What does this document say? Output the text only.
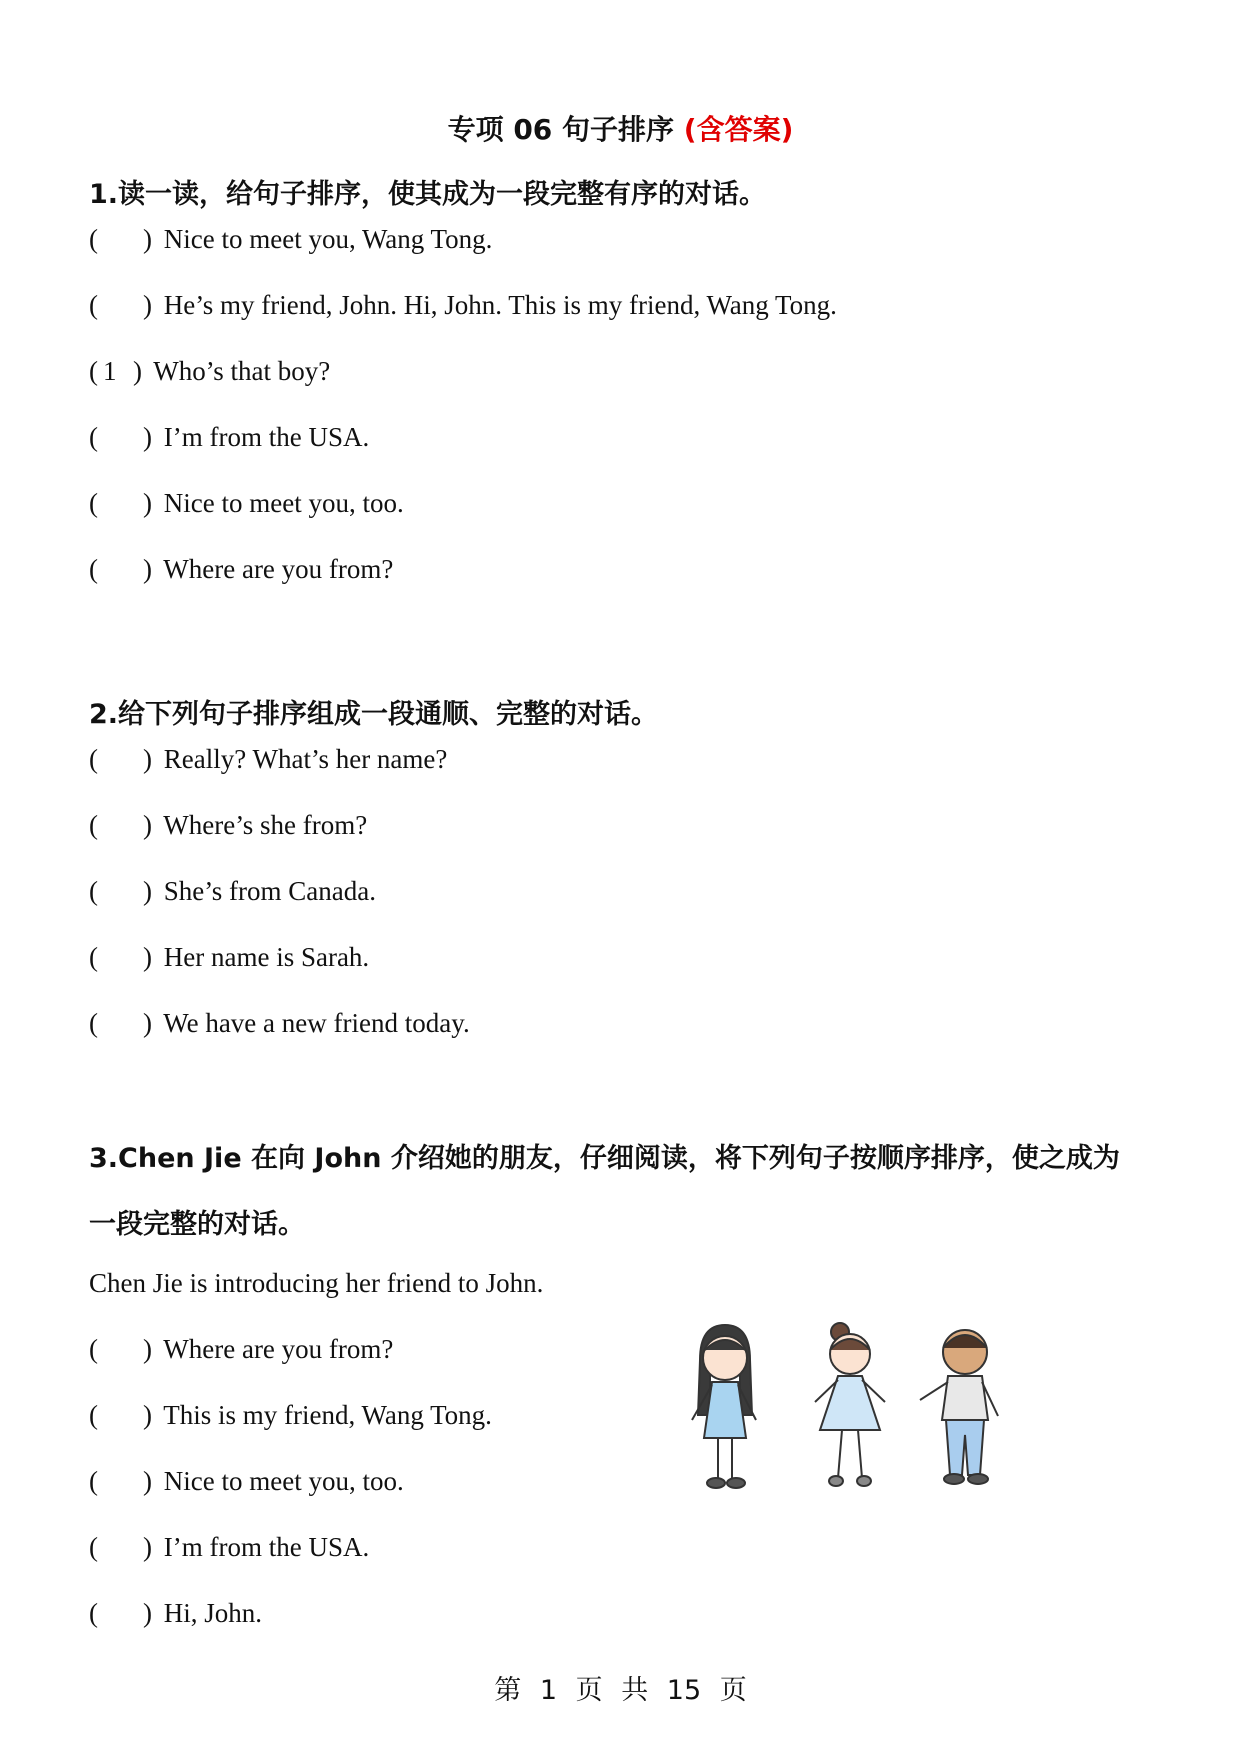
专项 06 句子排序 (含答案)
1.读一读，给句子排序，使其成为一段完整有序的对话。
( ) Nice to meet you, Wang Tong.
( ) He’s my friend, John. Hi, John. This is my friend, Wang Tong.
( 1 ) Who’s that boy?
( ) I’m from the USA.
( ) Nice to meet you, too.
( ) Where are you from?
2.给下列句子排序组成一段通顺、完整的对话。
( ) Really? What’s her name?
( ) Where’s she from?
( ) She’s from Canada.
( ) Her name is Sarah.
( ) We have a new friend today.
3.Chen Jie 在向 John 介绍她的朋友，仔细阅读，将下列句子按顺序排序，使之成为
一段完整的对话。
Chen Jie is introducing her friend to John.
( ) Where are you from?
( ) This is my friend, Wang Tong.
( ) Nice to meet you, too.
( ) I’m from the USA.
( ) Hi, John.
第 1 页 共 15 页
